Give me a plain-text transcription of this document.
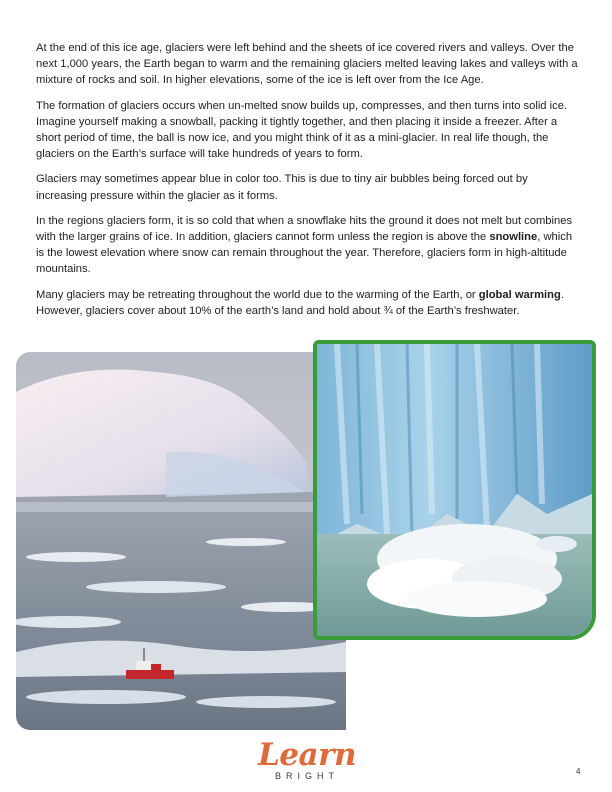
At the end of this ice age, glaciers were left behind and the sheets of ice covered rivers and valleys. Over the next 1,000 years, the Earth began to warm and the remaining glaciers melted leaving lakes and valleys with a mixture of rocks and soil. In higher elevations, some of the ice is left over from the Ice Age.

The formation of glaciers occurs when un-melted snow builds up, compresses, and then turns into solid ice. Imagine yourself making a snowball, packing it tightly together, and then placing it inside a freezer. After a short period of time, the ball is now ice, and you might think of it as a mini-glacier. In real life though, the glaciers on the Earth’s surface will take hundreds of years to form.

Glaciers may sometimes appear blue in color too. This is due to tiny air bubbles being forced out by increasing pressure within the glacier as it forms.

In the regions glaciers form, it is so cold that when a snowflake hits the ground it does not melt but combines with the larger grains of ice. In addition, glaciers cannot form unless the region is above the snowline, which is the lowest elevation where snow can remain throughout the year. Therefore, glaciers form in high-altitude mountains.

Many glaciers may be retreating throughout the world due to the warming of the Earth, or global warming. However, glaciers cover about 10% of the earth’s land and hold about ¾ of the Earth’s freshwater.

Learn
BRIGHT	4
